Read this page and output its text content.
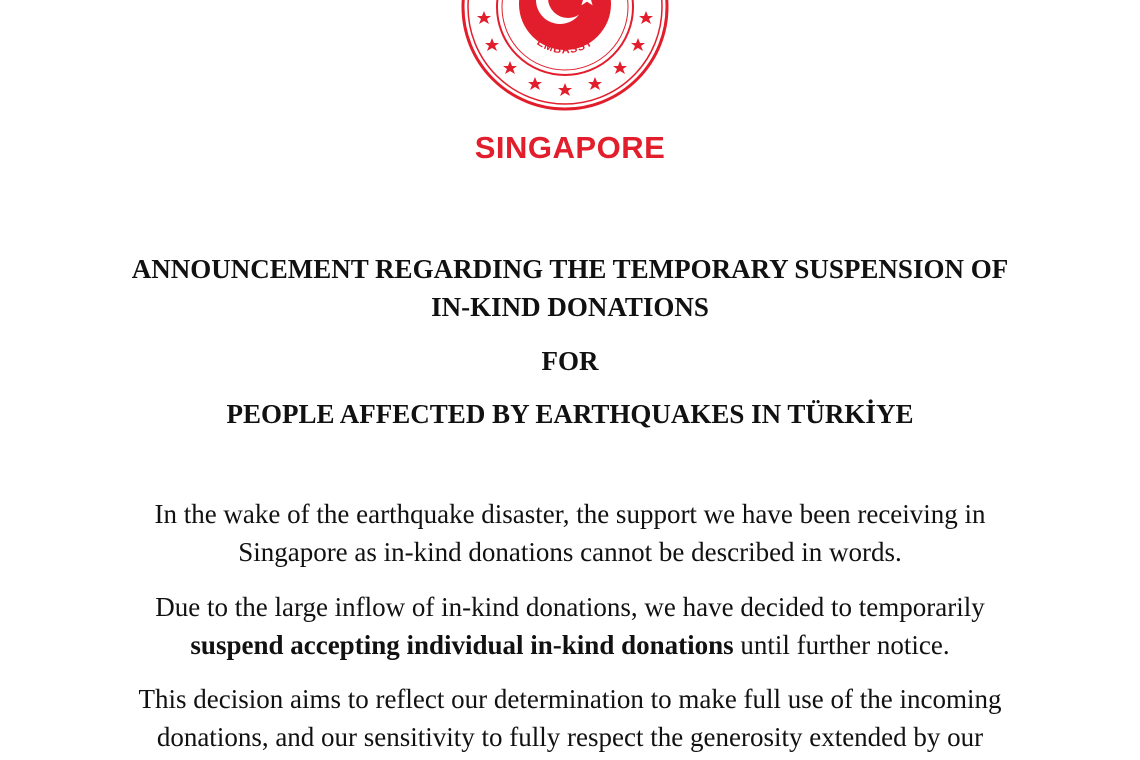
EMBASSY
SINGAPORE
ANNOUNCEMENT REGARDING THE TEMPORARY SUSPENSION OF
IN-KIND DONATIONS
FOR
PEOPLE AFFECTED BY EARTHQUAKES IN TÜRKİYE
In the wake of the earthquake disaster, the support we have been receiving in
Singapore as in-kind donations cannot be described in words.
Due to the large inflow of in-kind donations, we have decided to temporarily
suspend accepting individual in-kind donations until further notice.
This decision aims to reflect our determination to make full use of the incoming
donations, and our sensitivity to fully respect the generosity extended by our
